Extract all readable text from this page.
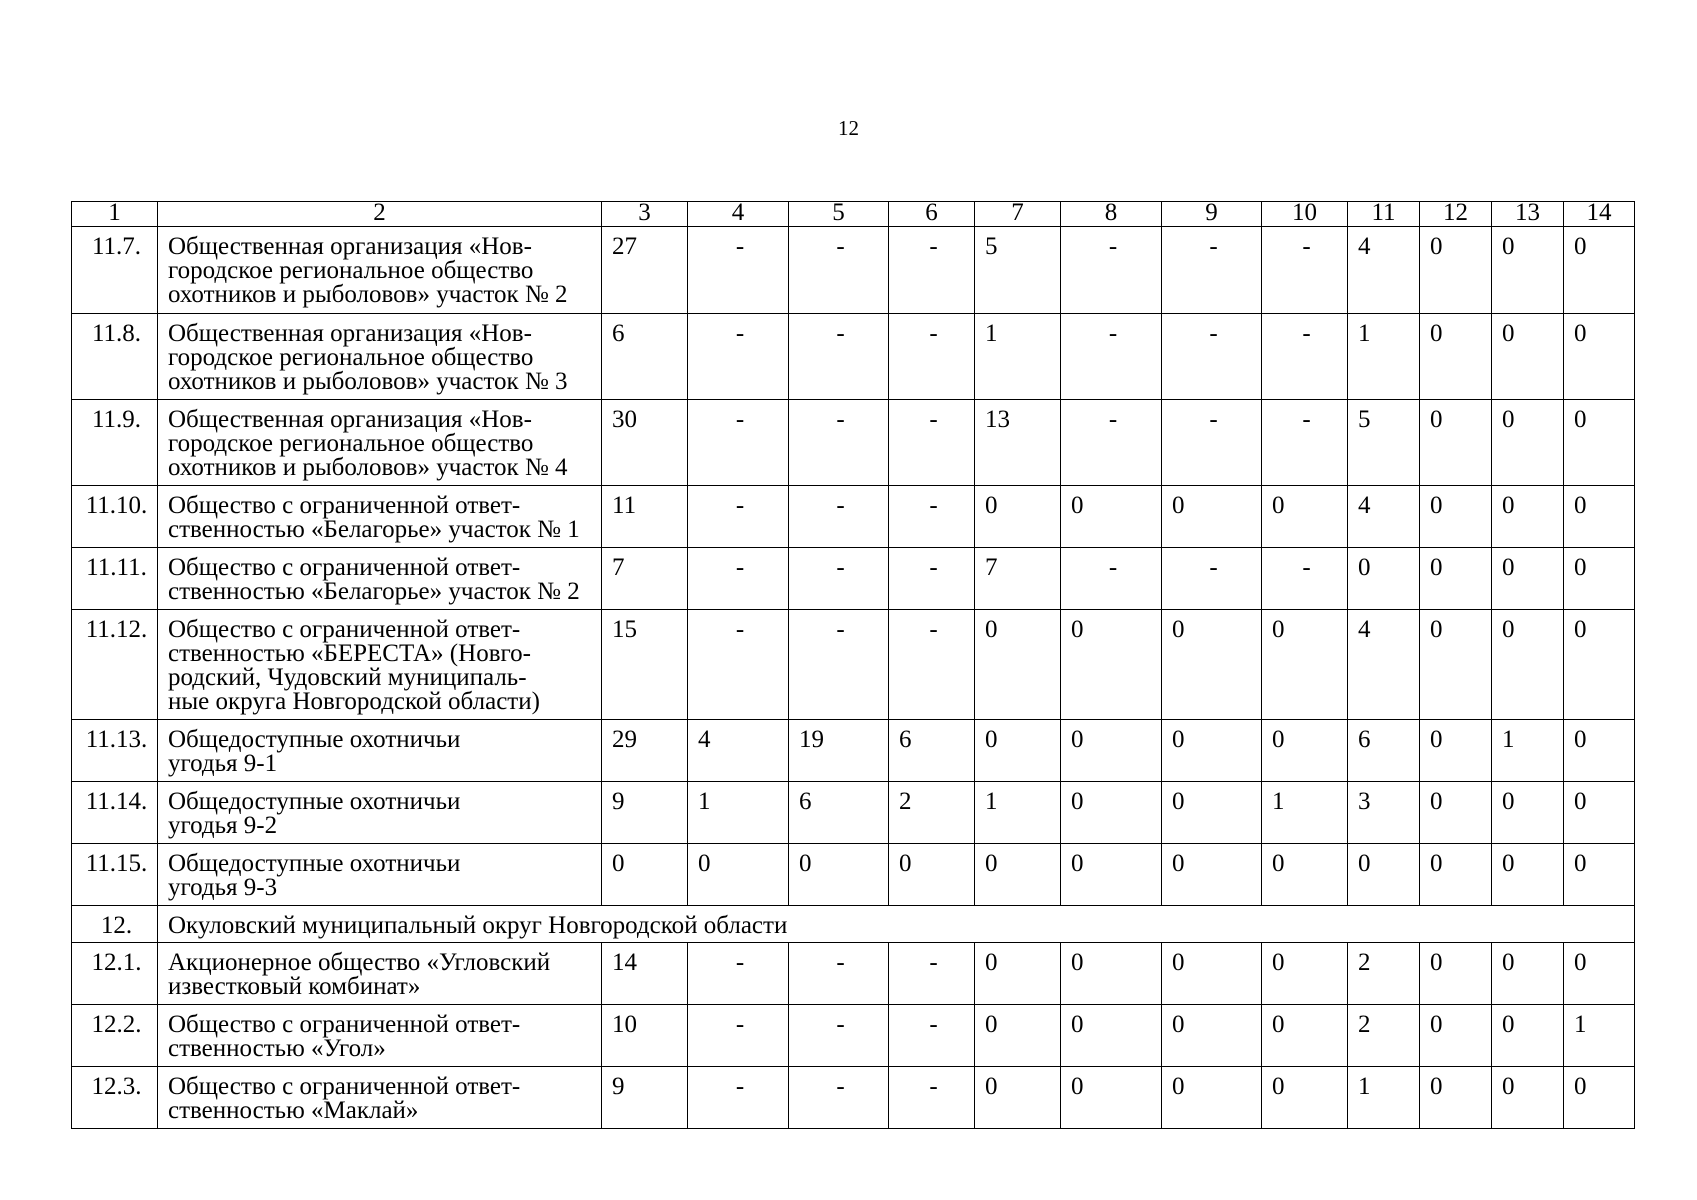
12
1	2	3	4	5	6	7	8	9	10	11	12	13	14
11.7.	Общественная организация «Нов-
городское региональное общество
охотников и рыболовов» участок № 2	27	-	-	-	5	-	-	-	4	0	0	0
11.8.	Общественная организация «Нов-
городское региональное общество
охотников и рыболовов» участок № 3	6	-	-	-	1	-	-	-	1	0	0	0
11.9.	Общественная организация «Нов-
городское региональное общество
охотников и рыболовов» участок № 4	30	-	-	-	13	-	-	-	5	0	0	0
11.10.	Общество с ограниченной ответ-
ственностью «Белагорье» участок № 1	11	-	-	-	0	0	0	0	4	0	0	0
11.11.	Общество с ограниченной ответ-
ственностью «Белагорье» участок № 2	7	-	-	-	7	-	-	-	0	0	0	0
11.12.	Общество с ограниченной ответ-
ственностью «БЕРЕСТА» (Новго-
родский, Чудовский муниципаль-
ные округа Новгородской области)	15	-	-	-	0	0	0	0	4	0	0	0
11.13.	Общедоступные охотничьи
угодья 9-1	29	4	19	6	0	0	0	0	6	0	1	0
11.14.	Общедоступные охотничьи
угодья 9-2	9	1	6	2	1	0	0	1	3	0	0	0
11.15.	Общедоступные охотничьи
угодья 9-3	0	0	0	0	0	0	0	0	0	0	0	0
12.	Окуловский муниципальный округ Новгородской области												
12.1.	Акционерное общество «Угловский
известковый комбинат»	14	-	-	-	0	0	0	0	2	0	0	0
12.2.	Общество с ограниченной ответ-
ственностью «Угол»	10	-	-	-	0	0	0	0	2	0	0	1
12.3.	Общество с ограниченной ответ-
ственностью «Маклай»	9	-	-	-	0	0	0	0	1	0	0	0
